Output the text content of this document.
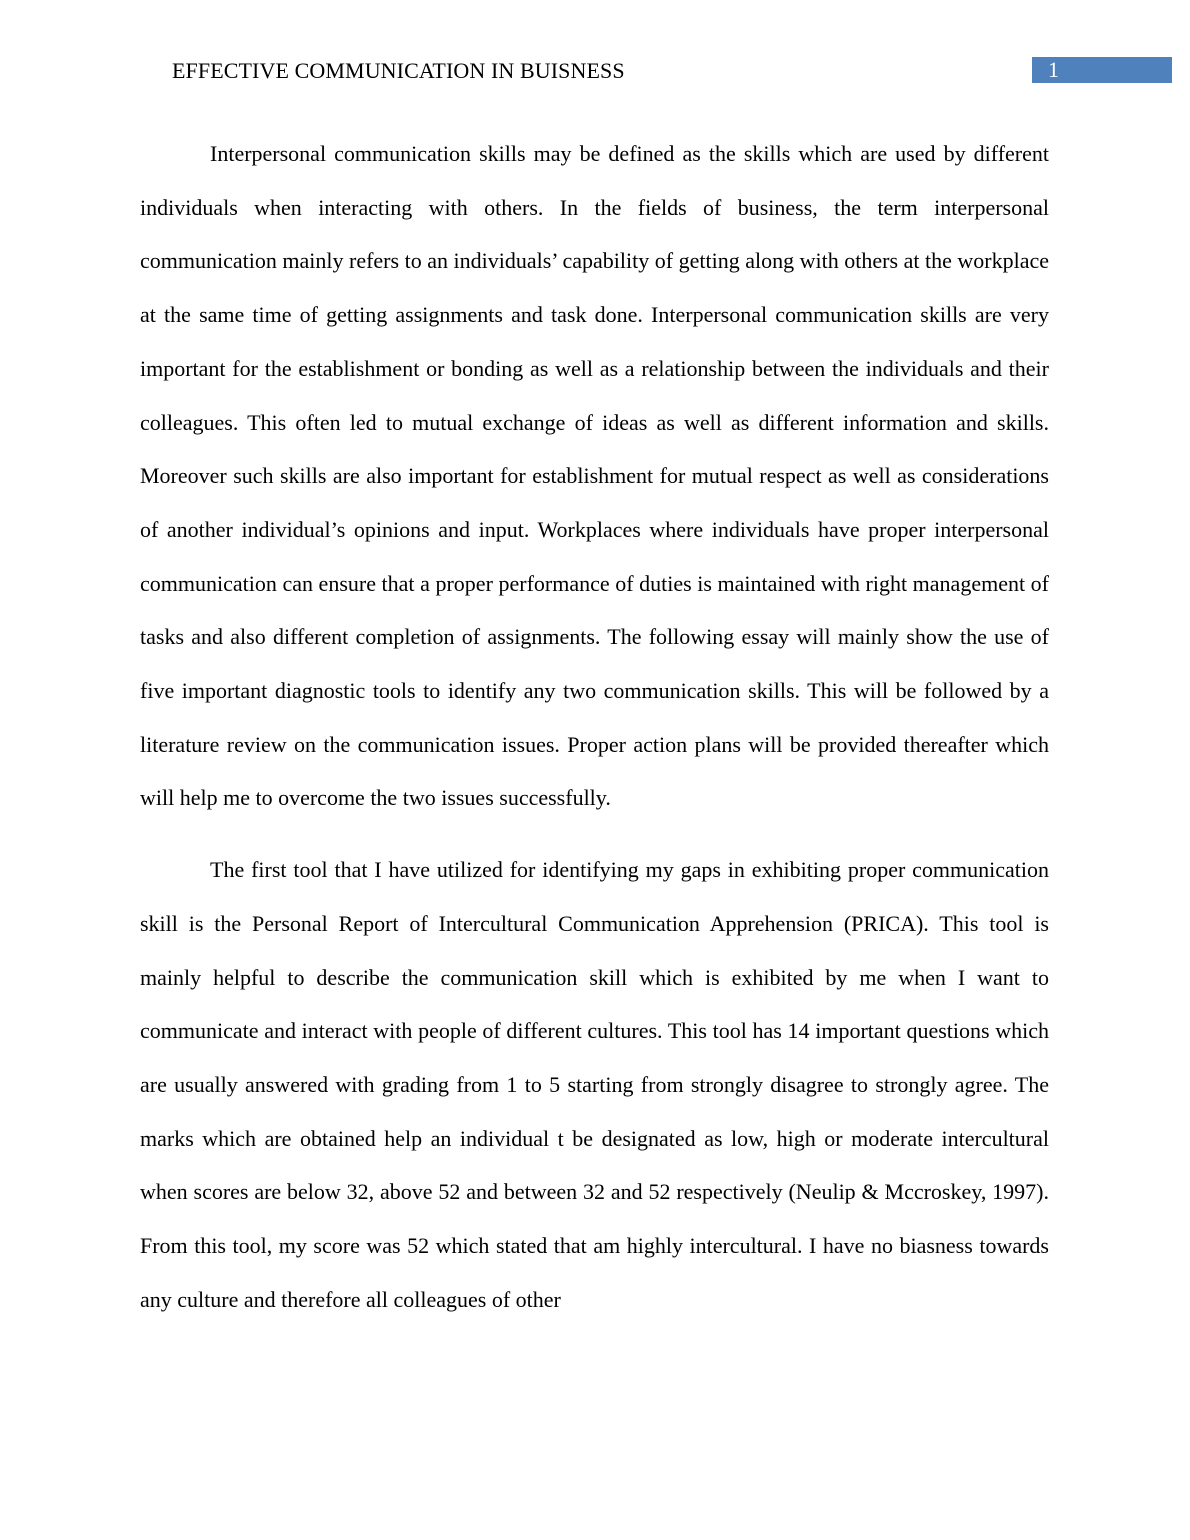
EFFECTIVE COMMUNICATION IN BUISNESS	1

Interpersonal communication skills may be defined as the skills which are used by different individuals when interacting with others. In the fields of business, the term interpersonal communication mainly refers to an individuals’ capability of getting along with others at the workplace at the same time of getting assignments and task done. Interpersonal communication skills are very important for the establishment or bonding as well as a relationship between the individuals and their colleagues. This often led to mutual exchange of ideas as well as different information and skills. Moreover such skills are also important for establishment for mutual respect as well as considerations of another individual’s opinions and input. Workplaces where individuals have proper interpersonal communication can ensure that a proper performance of duties is maintained with right management of tasks and also different completion of assignments. The following essay will mainly show the use of five important diagnostic tools to identify any two communication skills. This will be followed by a literature review on the communication issues. Proper action plans will be provided thereafter which will help me to overcome the two issues successfully.

The first tool that I have utilized for identifying my gaps in exhibiting proper communication skill is the Personal Report of Intercultural Communication Apprehension (PRICA). This tool is mainly helpful to describe the communication skill which is exhibited by me when I want to communicate and interact with people of different cultures. This tool has 14 important questions which are usually answered with grading from 1 to 5 starting from strongly disagree to strongly agree. The marks which are obtained help an individual t be designated as low, high or moderate intercultural when scores are below 32, above 52 and between 32 and 52 respectively (Neulip & Mccroskey, 1997). From this tool, my score was 52 which stated that am highly intercultural. I have no biasness towards any culture and therefore all colleagues of other
